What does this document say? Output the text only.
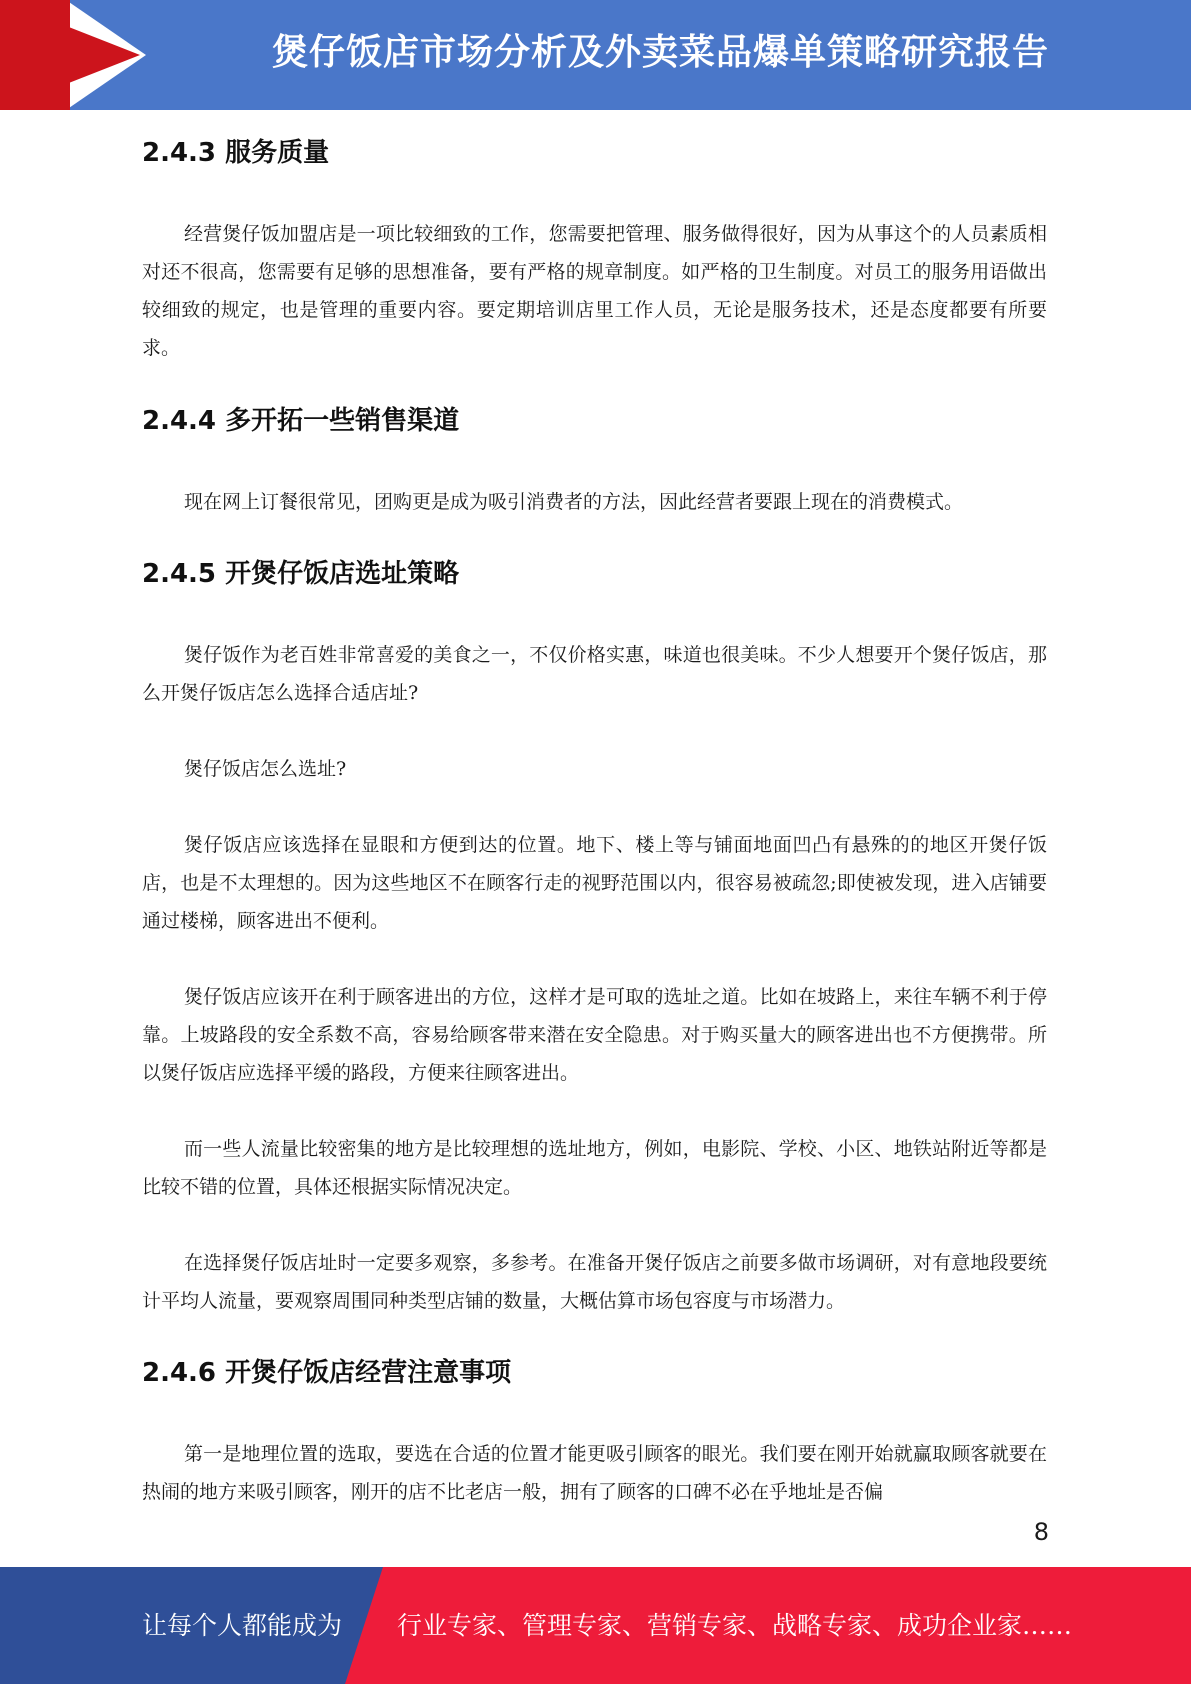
煲仔饭店市场分析及外卖菜品爆单策略研究报告
2.4.3 服务质量

经营煲仔饭加盟店是一项比较细致的工作，您需要把管理、服务做得很好，因为从事这个的人员素质相对还不很高，您需要有足够的思想准备，要有严格的规章制度。如严格的卫生制度。对员工的服务用语做出较细致的规定，也是管理的重要内容。要定期培训店里工作人员，无论是服务技术，还是态度都要有所要求。

2.4.4 多开拓一些销售渠道

现在网上订餐很常见，团购更是成为吸引消费者的方法，因此经营者要跟上现在的消费模式。

2.4.5 开煲仔饭店选址策略

煲仔饭作为老百姓非常喜爱的美食之一，不仅价格实惠，味道也很美味。不少人想要开个煲仔饭店，那么开煲仔饭店怎么选择合适店址?

煲仔饭店怎么选址?

煲仔饭店应该选择在显眼和方便到达的位置。地下、楼上等与铺面地面凹凸有悬殊的的地区开煲仔饭店，也是不太理想的。因为这些地区不在顾客行走的视野范围以内，很容易被疏忽;即使被发现，进入店铺要通过楼梯，顾客进出不便利。

煲仔饭店应该开在利于顾客进出的方位，这样才是可取的选址之道。比如在坡路上，来往车辆不利于停靠。上坡路段的安全系数不高，容易给顾客带来潜在安全隐患。对于购买量大的顾客进出也不方便携带。所以煲仔饭店应选择平缓的路段，方便来往顾客进出。

而一些人流量比较密集的地方是比较理想的选址地方，例如，电影院、学校、小区、地铁站附近等都是比较不错的位置，具体还根据实际情况决定。

在选择煲仔饭店址时一定要多观察，多参考。在准备开煲仔饭店之前要多做市场调研，对有意地段要统计平均人流量，要观察周围同种类型店铺的数量，大概估算市场包容度与市场潜力。

2.4.6 开煲仔饭店经营注意事项

第一是地理位置的选取，要选在合适的位置才能更吸引顾客的眼光。我们要在刚开始就赢取顾客就要在热闹的地方来吸引顾客，刚开的店不比老店一般，拥有了顾客的口碑不必在乎地址是否偏

8
让每个人都能成为 行业专家、管理专家、营销专家、战略专家、成功企业家……
